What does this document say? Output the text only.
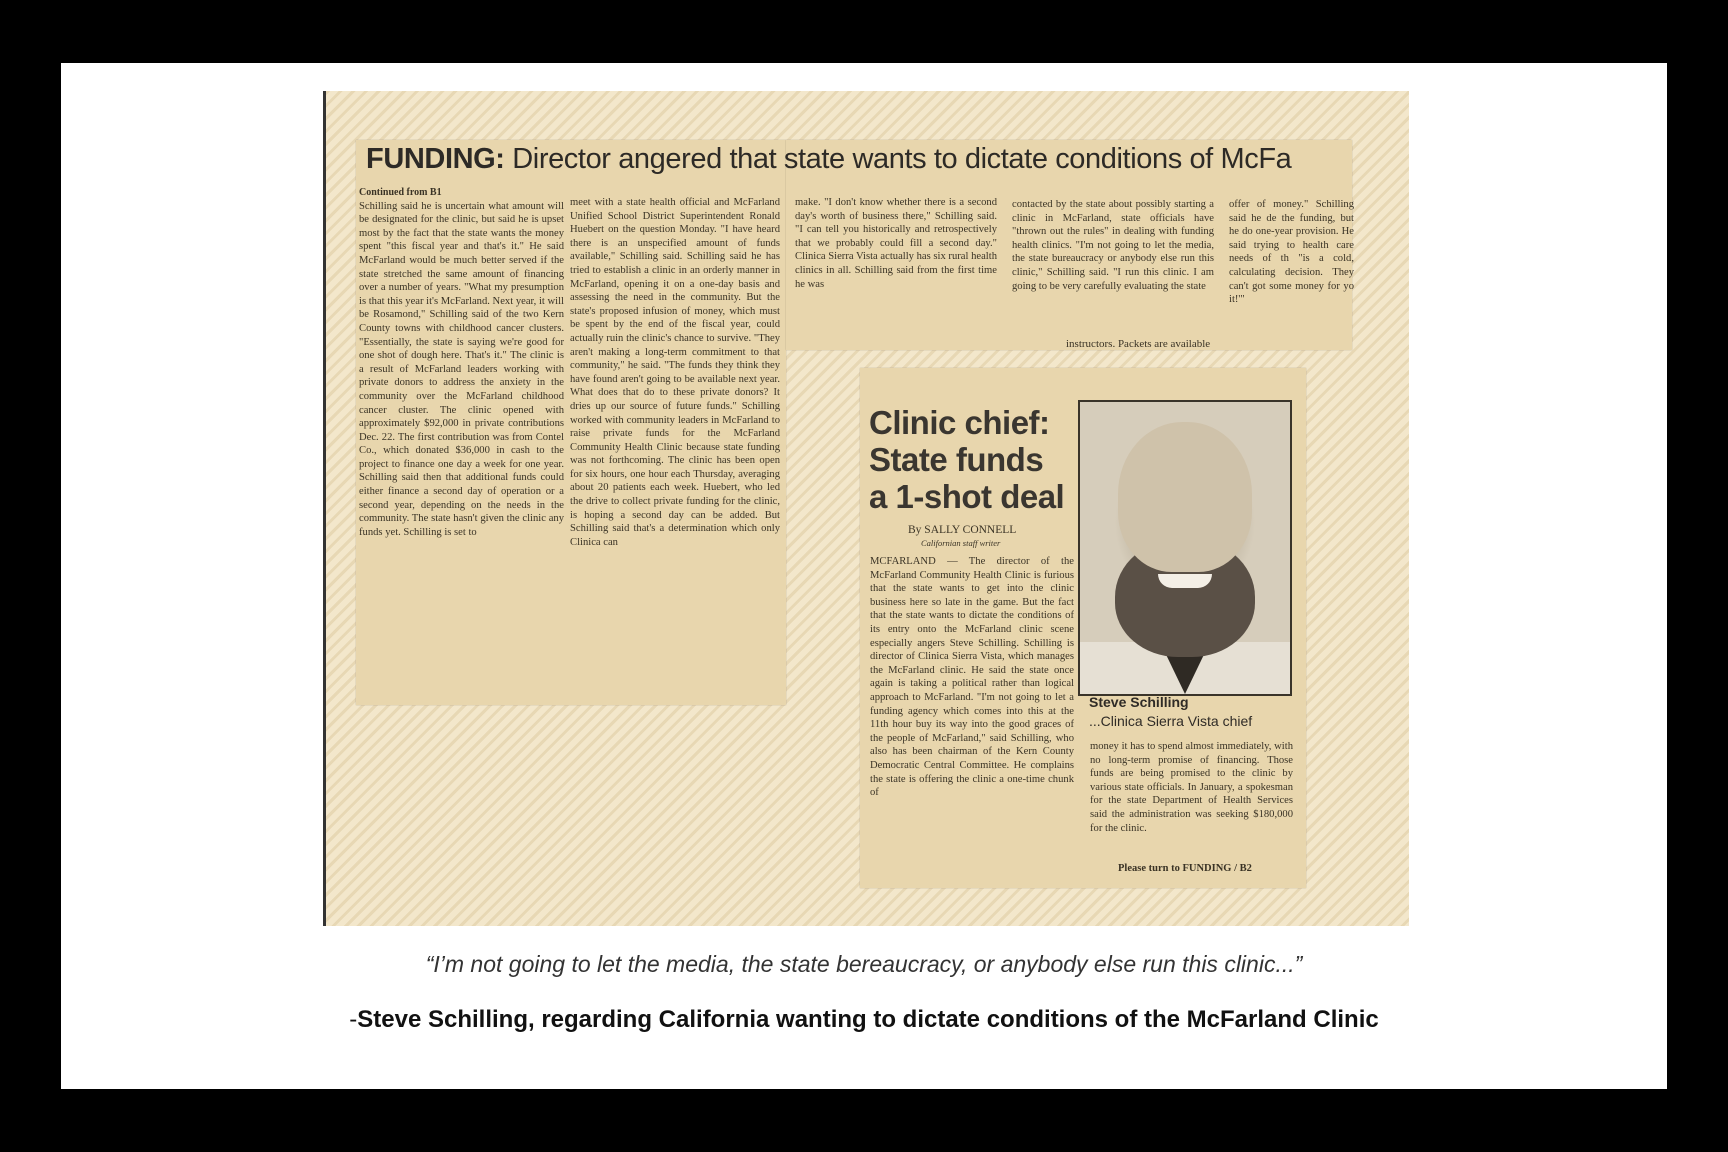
FUNDING: Director angered that state wants to dictate conditions of McFa
Continued from B1
Schilling said he is uncertain what amount will be designated for the clinic, but said he is upset most by the fact that the state wants the money spent "this fiscal year and that's it." He said McFarland would be much better served if the state stretched the same amount of financing over a number of years. "What my presumption is that this year it's McFarland. Next year, it will be Rosamond," Schilling said of the two Kern County towns with childhood cancer clusters. "Essentially, the state is saying we're good for one shot of dough here. That's it." The clinic is a result of McFarland leaders working with private donors to address the anxiety in the community over the McFarland childhood cancer cluster. The clinic opened with approximately $92,000 in private contributions Dec. 22. The first contribution was from Contel Co., which donated $36,000 in cash to the project to finance one day a week for one year. Schilling said then that additional funds could either finance a second day of operation or a second year, depending on the needs in the community. The state hasn't given the clinic any funds yet. Schilling is set to
meet with a state health official and McFarland Unified School District Superintendent Ronald Huebert on the question Monday. "I have heard there is an unspecified amount of funds available," Schilling said. Schilling said he has tried to establish a clinic in an orderly manner in McFarland, opening it on a one-day basis and assessing the need in the community. But the state's proposed infusion of money, which must be spent by the end of the fiscal year, could actually ruin the clinic's chance to survive. "They aren't making a long-term commitment to that community," he said. "The funds they think they have found aren't going to be available next year. What does that do to these private donors? It dries up our source of future funds." Schilling worked with community leaders in McFarland to raise private funds for the McFarland Community Health Clinic because state funding was not forthcoming. The clinic has been open for six hours, one hour each Thursday, averaging about 20 patients each week. Huebert, who led the drive to collect private funding for the clinic, is hoping a second day can be added. But Schilling said that's a determination which only Clinica can
make. "I don't know whether there is a second day's worth of business there," Schilling said. "I can tell you historically and retrospectively that we probably could fill a second day." Clinica Sierra Vista actually has six rural health clinics in all. Schilling said from the first time he was
contacted by the state about possibly starting a clinic in McFarland, state officials have "thrown out the rules" in dealing with funding health clinics. "I'm not going to let the media, the state bureaucracy or anybody else run this clinic," Schilling said. "I run this clinic. I am going to be very carefully evaluating the state
offer of money." Schilling said he de the funding, but he do one-year provision. He said trying to health care needs of th "is a cold, calculating decision. They can't got some money for yo it!'"
instructors. Packets are available
Clinic chief:
State funds
a 1-shot deal
By SALLY CONNELL
Californian staff writer
MCFARLAND — The director of the McFarland Community Health Clinic is furious that the state wants to get into the clinic business here so late in the game. But the fact that the state wants to dictate the conditions of its entry onto the McFarland clinic scene especially angers Steve Schilling. Schilling is director of Clinica Sierra Vista, which manages the McFarland clinic. He said the state once again is taking a political rather than logical approach to McFarland. "I'm not going to let a funding agency which comes into this at the 11th hour buy its way into the good graces of the people of McFarland," said Schilling, who also has been chairman of the Kern County Democratic Central Committee. He complains the state is offering the clinic a one-time chunk of
Steve Schilling
...Clinica Sierra Vista chief
money it has to spend almost immediately, with no long-term promise of financing. Those funds are being promised to the clinic by various state officials. In January, a spokesman for the state Department of Health Services said the administration was seeking $180,000 for the clinic.
Please turn to FUNDING / B2
“I’m not going to let the media, the state bereaucracy, or anybody else run this clinic...”
-Steve Schilling, regarding California wanting to dictate conditions of the McFarland Clinic
